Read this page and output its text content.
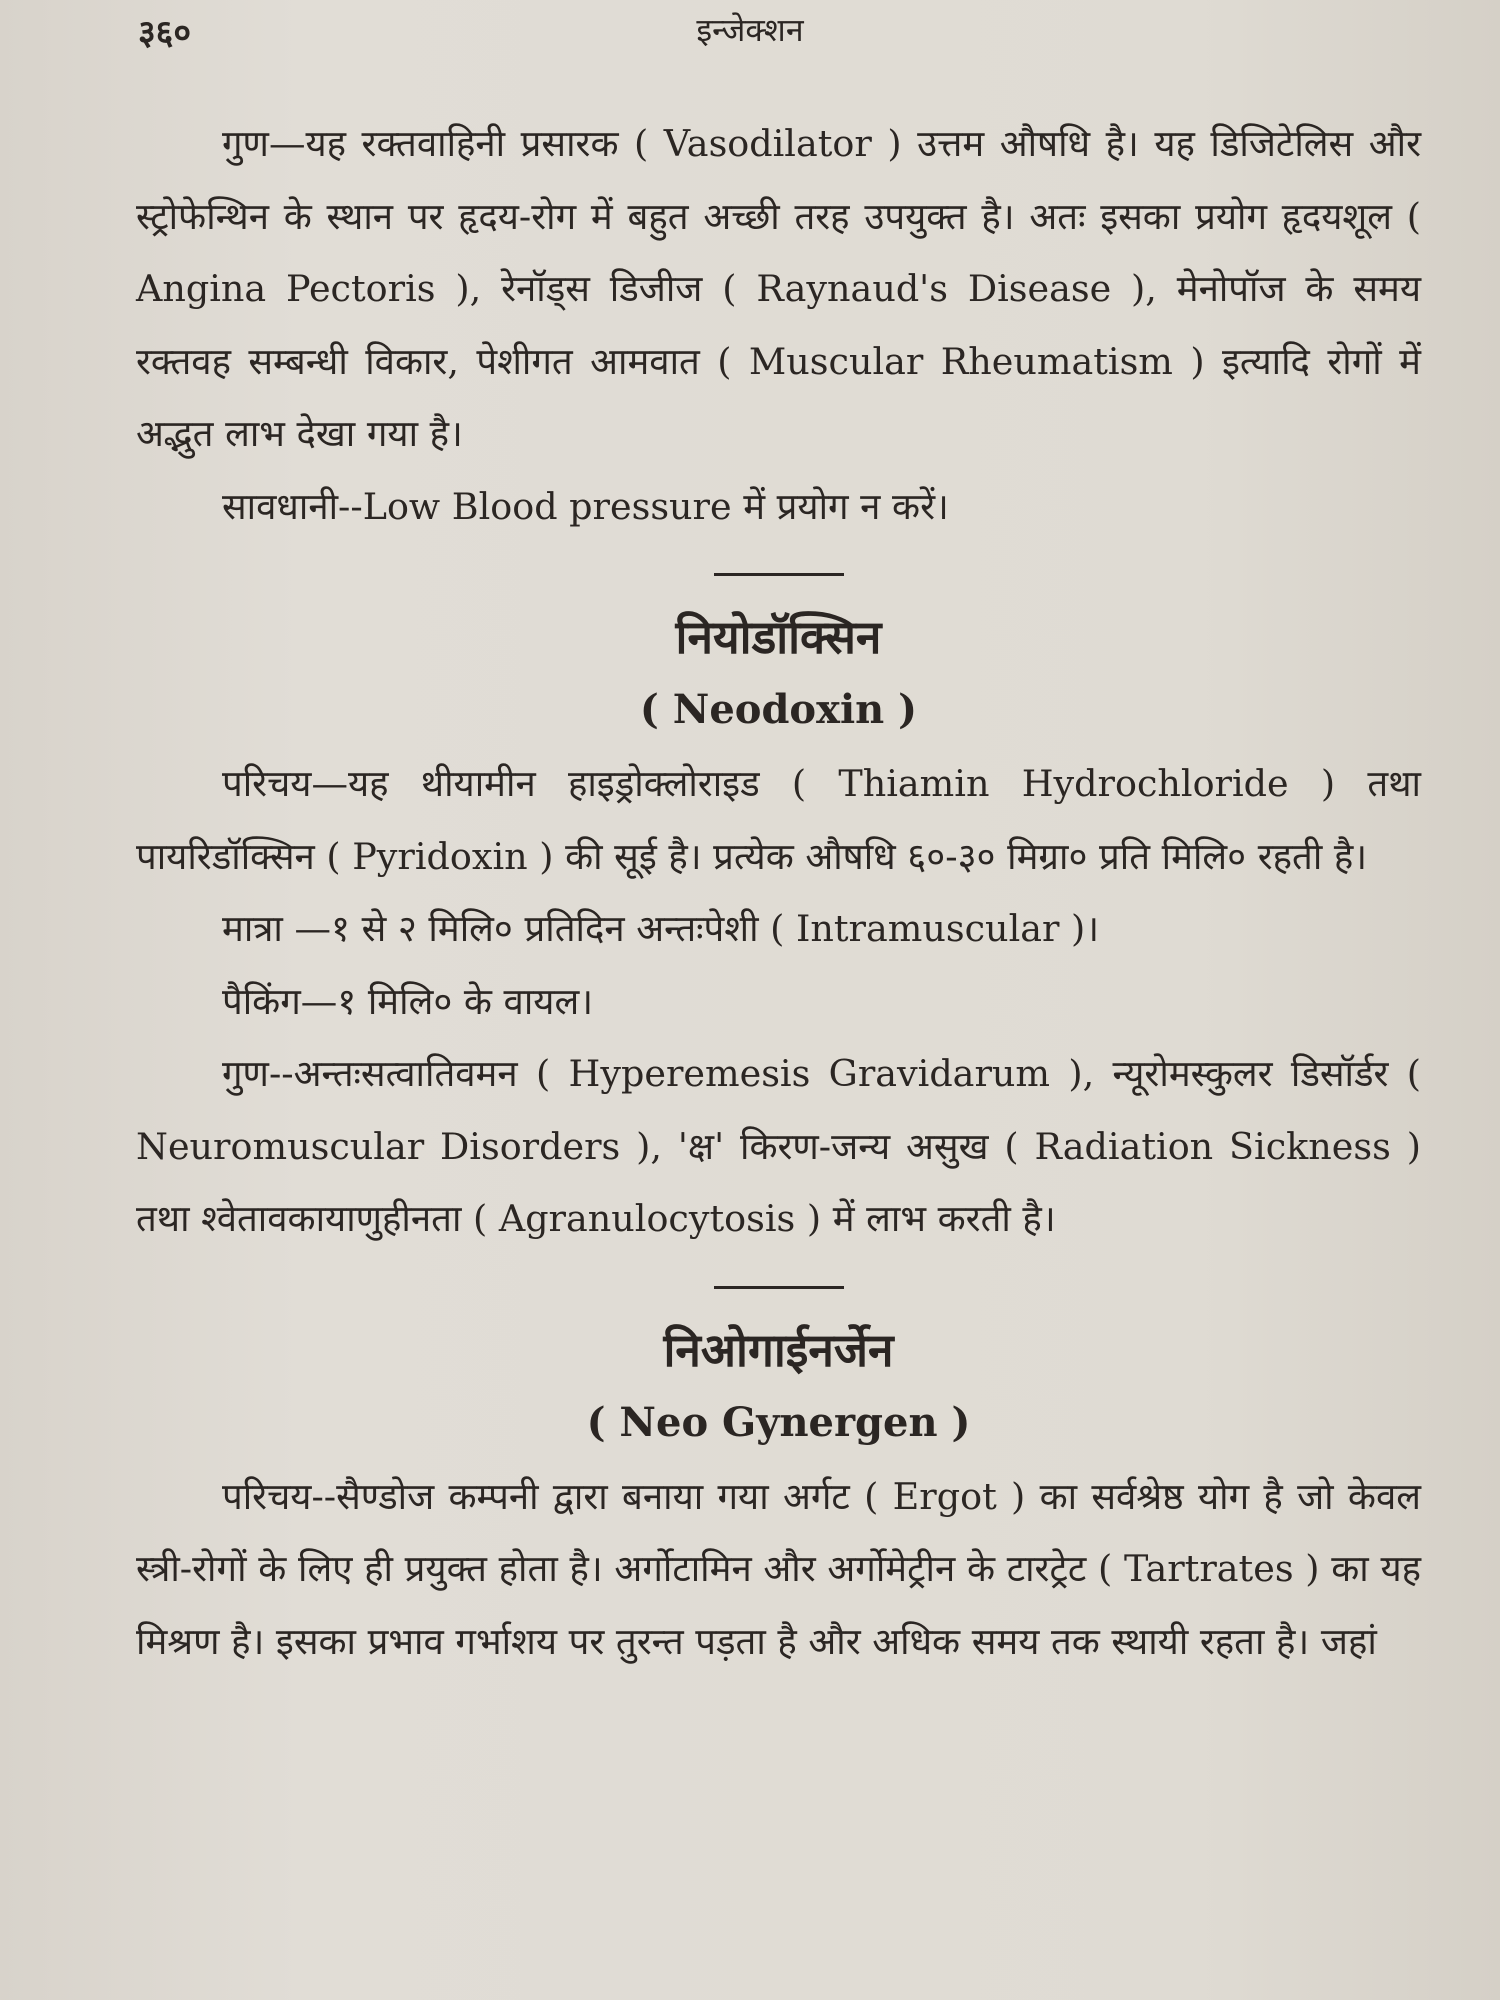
३६०	इन्जेक्शन

गुण—यह रक्तवाहिनी प्रसारक ( Vasodilator ) उत्तम औषधि है। यह डिजिटेलिस और स्ट्रोफेन्थिन के स्थान पर हृदय-रोग में बहुत अच्छी तरह उपयुक्त है। अतः इसका प्रयोग हृदयशूल ( Angina Pectoris ), रेनॉड्स डिजीज ( Raynaud's Disease ), मेनोपॉज के समय रक्तवह सम्बन्धी विकार, पेशीगत आमवात ( Muscular Rheumatism ) इत्यादि रोगों में अद्भुत लाभ देखा गया है।

सावधानी--Low Blood pressure में प्रयोग न करें।

नियोडॉक्सिन
( Neodoxin )

परिचय—यह थीयामीन हाइड्रोक्लोराइड ( Thiamin Hydrochloride ) तथा पायरिडॉक्सिन ( Pyridoxin ) की सूई है। प्रत्येक औषधि ६०-३० मिग्रा० प्रति मिलि० रहती है।

मात्रा —१ से २ मिलि० प्रतिदिन अन्तःपेशी ( Intramuscular )।

पैकिंग—१ मिलि० के वायल।

गुण--अन्तःसत्वातिवमन ( Hyperemesis Gravidarum ), न्यूरोमस्कुलर डिसॉर्डर ( Neuromuscular Disorders ), 'क्ष' किरण-जन्य असुख ( Radiation Sickness ) तथा श्वेतावकायाणुहीनता ( Agranulocytosis ) में लाभ करती है।

निओगाईनर्जेन
( Neo Gynergen )

परिचय--सैण्डोज कम्पनी द्वारा बनाया गया अर्गट ( Ergot ) का सर्वश्रेष्ठ योग है जो केवल स्त्री-रोगों के लिए ही प्रयुक्त होता है। अर्गोटामिन और अर्गोमेट्रीन के टारट्रेट ( Tartrates ) का यह मिश्रण है। इसका प्रभाव गर्भाशय पर तुरन्त पड़ता है और अधिक समय तक स्थायी रहता है। जहां
